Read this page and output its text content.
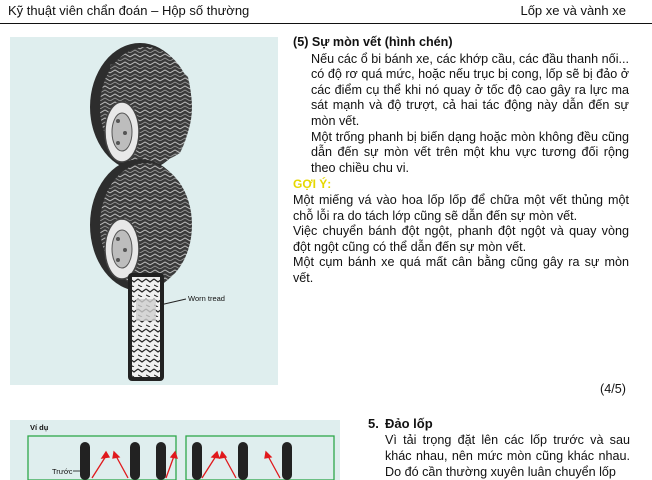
Kỹ thuật viên chẩn đoán – Hộp số thường	Lốp xe và vành xe
Worn tread
(5) Sự mòn vết (hình chén)

Nếu các ổ bi bánh xe, các khớp cầu, các đầu thanh nối... có độ rơ quá mức, hoặc nếu trục bị cong, lốp sẽ bị đảo ở các điểm cụ thể khi nó quay ở tốc độ cao gây ra lực ma sát mạnh và độ trượt, cả hai tác động này dẫn đến sự mòn vết.

Một trống phanh bị biến dạng hoặc mòn không đều cũng dẫn đến sự mòn vết trên một khu vực tương đối rộng theo chiều chu vi.

GỢI Ý:

Một miếng vá vào hoa lốp lốp để chữa một vết thủng một chỗ lỗi ra do tách lớp cũng sẽ dẫn đến sự mòn vết.

Việc chuyển bánh đột ngột, phanh đột ngột và quay vòng đột ngột cũng có thể dẫn đến sự mòn vết.

Một cụm bánh xe quá mất cân bằng cũng gây ra sự mòn vết.

(4/5)
Ví dụ
Trước
5. Đảo lốp

Vì tải trọng đặt lên các lốp trước và sau khác nhau, nên mức mòn cũng khác nhau. Do đó cần thường xuyên luân chuyển lốp
